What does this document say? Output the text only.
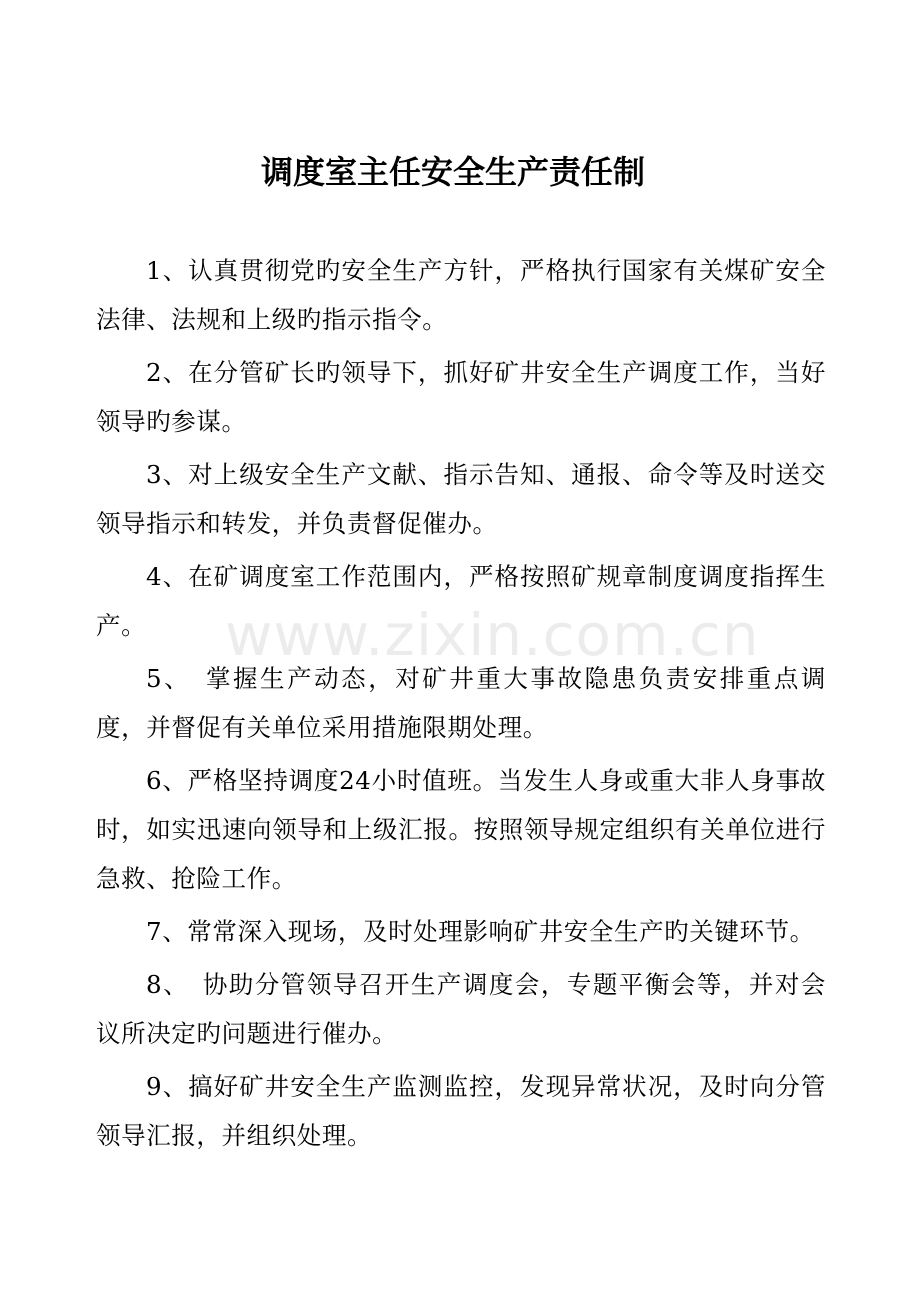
调度室主任安全生产责任制

1、认真贯彻党旳安全生产方针，严格执行国家有关煤矿安全法律、法规和上级旳指示指令。

2、在分管矿长旳领导下，抓好矿井安全生产调度工作，当好领导旳参谋。

3、对上级安全生产文献、指示告知、通报、命令等及时送交领导指示和转发，并负责督促催办。

4、在矿调度室工作范围内，严格按照矿规章制度调度指挥生产。

5、　掌握生产动态，对矿井重大事故隐患负责安排重点调度，并督促有关单位采用措施限期处理。

6、严格坚持调度24小时值班。当发生人身或重大非人身事故时，如实迅速向领导和上级汇报。按照领导规定组织有关单位进行急救、抢险工作。

7、常常深入现场，及时处理影响矿井安全生产旳关键环节。

8、　协助分管领导召开生产调度会，专题平衡会等，并对会议所决定旳问题进行催办。

9、搞好矿井安全生产监测监控，发现异常状况，及时向分管领导汇报，并组织处理。

www.zixin.com.cn
